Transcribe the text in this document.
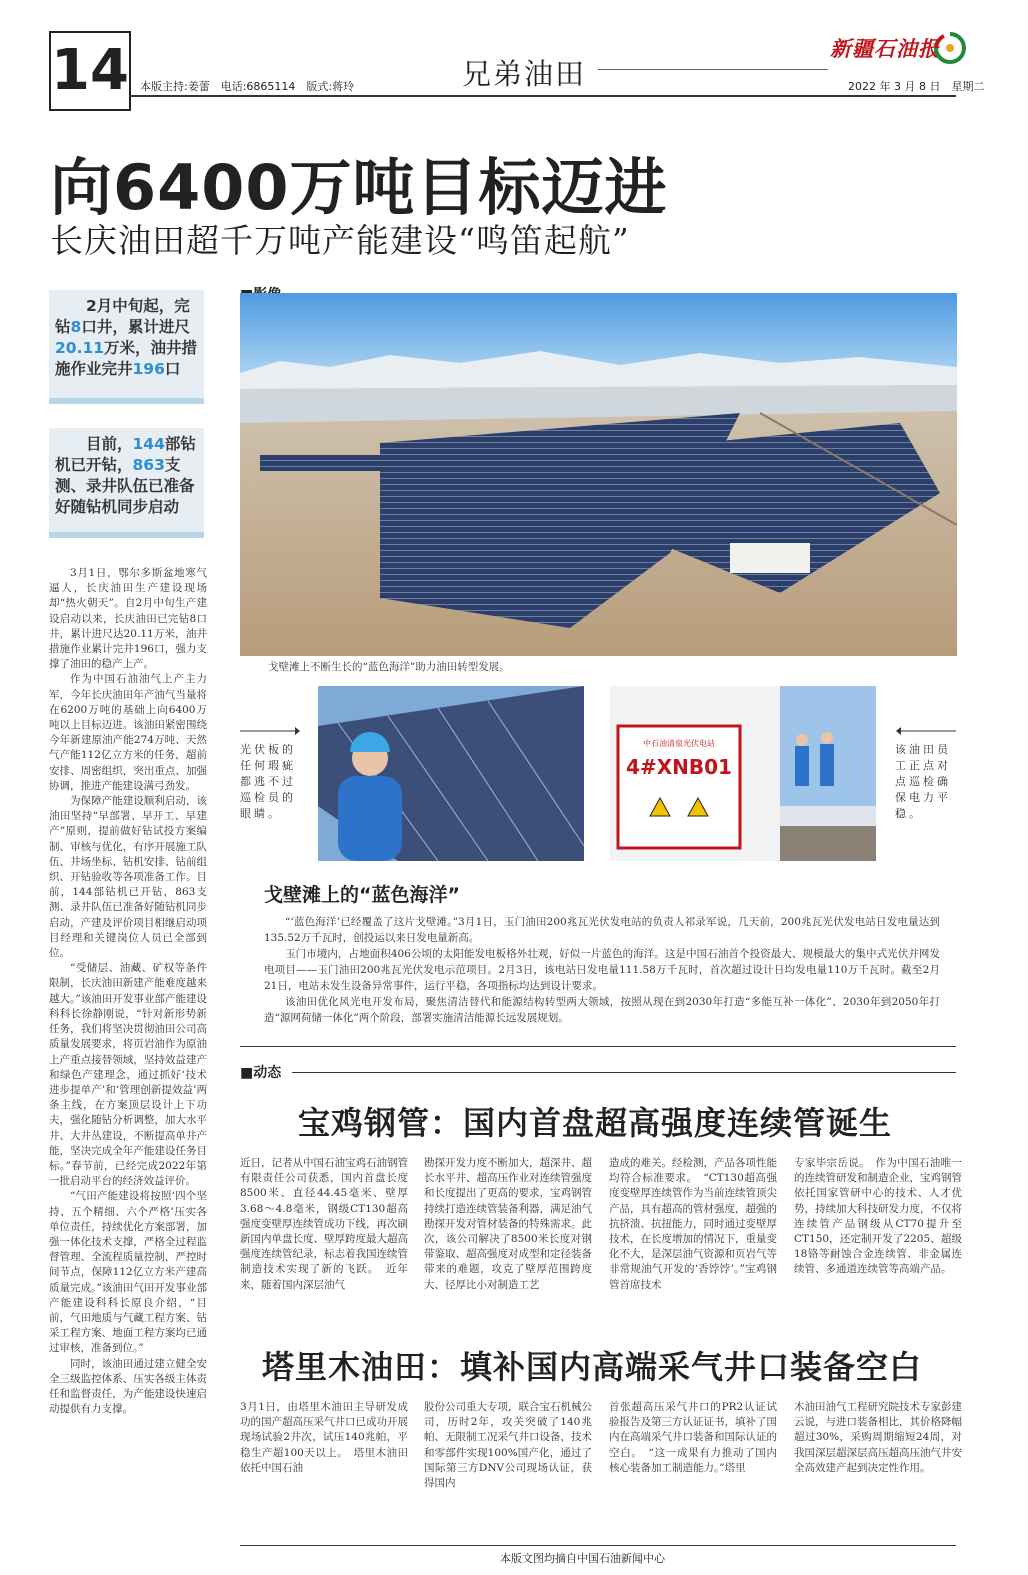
14	兄弟油田
新疆石油报
本版主持:姜蕾　电话:6865114　版式:蒋玲	2022 年 3 月 8 日　星期二
向6400万吨目标迈进
长庆油田超千万吨产能建设“鸣笛起航”
2月中旬起，完钻8口井，累计进尺20.11万米，油井措施作业完井196口
目前，144部钻机已开钻，863支测、录井队伍已准备好随钻机同步启动

3月1日，鄂尔多斯盆地寒气逼人，长庆油田生产建设现场却“热火朝天”。自2月中旬生产建设启动以来，长庆油田已完钻8口井，累计进尺达20.11万米，油井措施作业累计完井196口，强力支撑了油田的稳产上产。

作为中国石油油气上产主力军，今年长庆油田年产油气当量将在6200万吨的基础上向6400万吨以上目标迈进。该油田紧密围绕今年新建原油产能274万吨、天然气产能112亿立方米的任务，超前安排、周密组织，突出重点、加强协调，推进产能建设满弓劲发。

为保障产能建设顺利启动，该油田坚持“早部署、早开工、早建产”原则，提前做好钻试投方案编制、审核与优化，有序开展施工队伍、井场坐标、钻机安排、钻前组织、开钻验收等各项准备工作。目前，144部钻机已开钻，863支测、录井队伍已准备好随钻机同步启动，产建及评价项目相继启动项目经理和关键岗位人员已全部到位。

“受储层、油藏、矿权等条件限制，长庆油田新建产能难度越来越大。”该油田开发事业部产能建设科科长徐静刚说，“针对新形势新任务，我们将坚决贯彻油田公司高质量发展要求，将页岩油作为原油上产重点接替领域，坚持效益建产和绿色产建理念，通过抓好‘技术进步提单产’和‘管理创新提效益’两条主线，在方案顶层设计上下功夫，强化随钻分析调整，加大水平井、大井丛建设，不断提高单井产能，坚决完成全年产能建设任务目标。”春节前，已经完成2022年第一批启动平台的经济效益评价。

“气田产能建设将按照‘四个坚持、五个精细、六个严格’压实各单位责任，持续优化方案部署，加强一体化技术支撑，严格全过程监督管理、全流程质量控制，严控时间节点，保障112亿立方米产建高质量完成。”该油田气田开发事业部产能建设科科长原良介绍，“目前，气田地质与气藏工程方案、钻采工程方案、地面工程方案均已通过审核，准备到位。”

同时，该油田通过建立健全安全三级监控体系、压实各级主体责任和监督责任，为产能建设快速启动提供有力支撑。

戈壁滩上不断生长的“蓝色海洋”助力油田转型发展。
光伏板的任何瑕疵都逃不过巡检员的眼睛。
该油田员工正点对点巡检确保电力平稳。
中石油清泉光伏电站
4#XNB01
戈壁滩上的“蓝色海洋”

“‘蓝色海洋’已经覆盖了这片戈壁滩。”3月1日，玉门油田200兆瓦光伏发电站的负责人祁录军说，几天前，200兆瓦光伏发电站日发电量达到135.52万千瓦时，创投运以来日发电量新高。

玉门市境内，占地面积406公顷的太阳能发电板格外壮观，好似一片蓝色的海洋。这是中国石油首个投资最大、规模最大的集中式光伏并网发电项目——玉门油田200兆瓦光伏发电示范项目。2月3日，该电站日发电量111.58万千瓦时，首次超过设计日均发电量110万千瓦时。截至2月21日，电站未发生设备异常事件，运行平稳，各项指标均达到设计要求。

该油田优化风光电开发布局，聚焦清洁替代和能源结构转型两大领域，按照从现在到2030年打造“多能互补一体化”、2030年到2050年打造“源网荷储一体化”两个阶段，部署实施清洁能源长远发展规划。

■动态
宝鸡钢管：国内首盘超高强度连续管诞生
近日，记者从中国石油宝鸡石油钢管有限责任公司获悉，国内首盘长度8500米、直径44.45毫米、壁厚3.68～4.8毫米，钢级CT130超高强度变壁厚连续管成功下线，再次刷新国内单盘长度、壁厚跨度最大超高强度连续管纪录，标志着我国连续管制造技术实现了新的飞跃。　近年来，随着国内深层油气
勘探开发力度不断加大，超深井、超长水平井、超高压作业对连续管强度和长度提出了更高的要求，宝鸡钢管持续打造连续管装备利器，满足油气勘探开发对管材装备的特殊需求。此次，该公司解决了8500米长度对钢带鉴取、超高强度对成型和定径装备带来的难题，攻克了壁厚范围跨度大、径厚比小对制造工艺
造成的难关。经检测，产品各项性能均符合标准要求。　“CT130超高强度变壁厚连续管作为当前连续管顶尖产品，具有超高的管材强度，超强的抗挤溃、抗扭能力，同时通过变壁厚技术，在长度增加的情况下，重量变化不大，是深层油气资源和页岩气等非常规油气开发的‘香饽饽’。”宝鸡钢管首席技术
专家毕宗岳说。　作为中国石油唯一的连续管研发和制造企业，宝鸡钢管依托国家管研中心的技术、人才优势，持续加大科技研发力度，不仅将连续管产品钢级从CT70提升至CT150，还定制开发了2205、超级18铬等耐蚀合金连续管、非金属连续管、多通道连续管等高端产品。
塔里木油田：填补国内高端采气井口装备空白
3月1日，由塔里木油田主导研发成功的国产超高压采气井口已成功开展现场试验2井次，试压140兆帕，平稳生产超100天以上。　塔里木油田依托中国石油
股份公司重大专项，联合宝石机械公司，历时2年，攻关突破了140兆帕、无限制工况采气井口设备，技术和零部件实现100%国产化，通过了国际第三方DNV公司现场认证，获得国内
首张超高压采气井口的PR2认证试验报告及第三方认证证书，填补了国内在高端采气井口装备和国际认证的空白。　“这一成果有力推动了国内核心装备加工制造能力。”塔里
木油田油气工程研究院技术专家彭建云说，与进口装备相比，其价格降幅超过30%，采购周期缩短24周，对我国深层超深层高压超高压油气井安全高效建产起到决定性作用。
本版文图均摘自中国石油新闻中心
